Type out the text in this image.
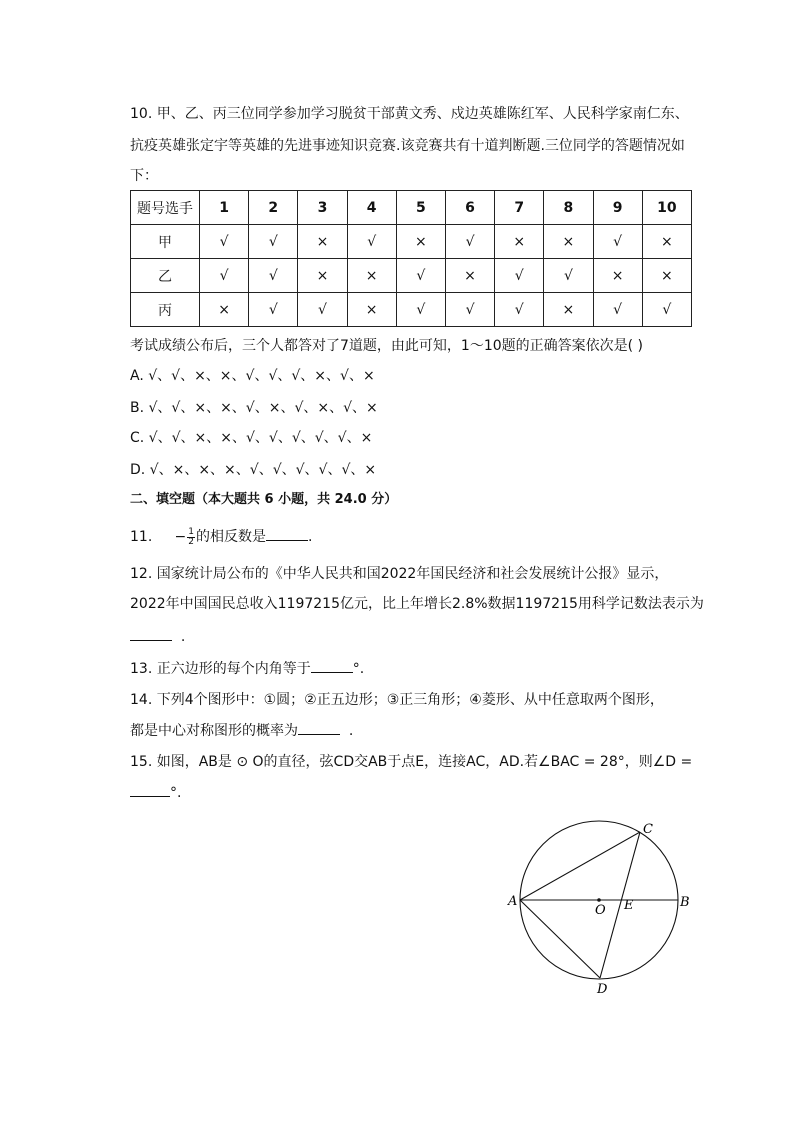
10. 甲、乙、丙三位同学参加学习脱贫干部黄文秀、戍边英雄陈红军、人民科学家南仁东、
抗疫英雄张定宇等英雄的先进事迹知识竞赛.该竞赛共有十道判断题.三位同学的答题情况如
下：
题号选手	1	2	3	4	5	6	7	8	9	10
甲	√	√	×	√	×	√	×	×	√	×
乙	√	√	×	×	√	×	√	√	×	×
丙	×	√	√	×	√	√	√	×	√	√
考试成绩公布后，三个人都答对了7道题，由此可知，1～10题的正确答案依次是( )
A. √、√、×、×、√、√、√、×、√、×
B. √、√、×、×、√、×、√、×、√、×
C. √、√、×、×、√、√、√、√、√、×
D. √、×、×、×、√、√、√、√、√、×
二、填空题（本大题共 6 小题，共 24.0 分）
11. − $\frac{1}{2}$ 的相反数是	.
12. 国家统计局公布的《中华人民共和国2022年国民经济和社会发展统计公报》显示，
2022年中国国民总收入1197215亿元，比上年增长2.8%数据1197215用科学记数法表示为
.
13. 正六边形的每个内角等于	°.
14. 下列4个图形中：①圆；②正五边形；③正三角形；④菱形、从中任意取两个图形，
都是中心对称图形的概率为	.
15. 如图，AB是 ⊙ O的直径，弦CD交AB于点E，连接AC，AD.若∠BAC = 28°，则∠D =
°.
A	B
C
D
O E
